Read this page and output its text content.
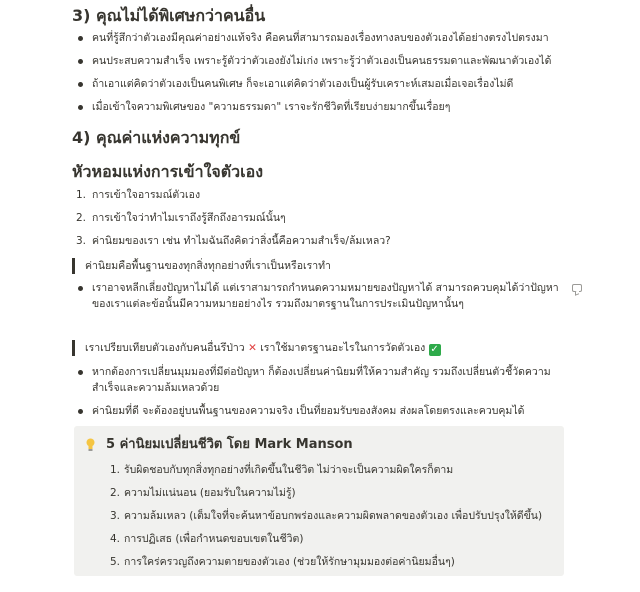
3) คุณไม่ได้พิเศษกว่าคนอื่น
คนที่รู้สึกว่าตัวเองมีคุณค่าอย่างแท้จริง คือคนที่สามารถมองเรื่องทางลบของตัวเองได้อย่างตรงไปตรงมา
คนประสบความสำเร็จ เพราะรู้ตัวว่าตัวเองยังไม่เก่ง เพราะรู้ว่าตัวเองเป็นคนธรรมดาและพัฒนาตัวเองได้
ถ้าเอาแต่คิดว่าตัวเองเป็นคนพิเศษ ก็จะเอาแต่คิดว่าตัวเองเป็นผู้รับเคราะห์เสมอเมื่อเจอเรื่องไม่ดี
เมื่อเข้าใจความพิเศษของ "ความธรรมดา" เราจะรักชีวิตที่เรียบง่ายมากขึ้นเรื่อยๆ
4) คุณค่าแห่งความทุกข์
หัวหอมแห่งการเข้าใจตัวเอง
1. การเข้าใจอารมณ์ตัวเอง
2. การเข้าใจว่าทำไมเราถึงรู้สึกถึงอารมณ์นั้นๆ
3. ค่านิยมของเรา เช่น ทำไมฉันถึงคิดว่าสิ่งนี้คือความสำเร็จ/ล้มเหลว?
ค่านิยมคือพื้นฐานของทุกสิ่งทุกอย่างที่เราเป็นหรือเราทำ
เราอาจหลีกเลี่ยงปัญหาไม่ได้ แต่เราสามารถกำหนดความหมายของปัญหาได้ สามารถควบคุมได้ว่าปัญหาของเราแต่ละข้อนั้นมีความหมายอย่างไร รวมถึงมาตรฐานในการประเมินปัญหานั้นๆ
เราเปรียบเทียบตัวเองกับคนอื่นรึป่าว ✕ เราใช้มาตรฐานอะไรในการวัดตัวเอง ✓
หากต้องการเปลี่ยนมุมมองที่มีต่อปัญหา ก็ต้องเปลี่ยนค่านิยมที่ให้ความสำคัญ รวมถึงเปลี่ยนตัวชี้วัดความสำเร็จและความล้มเหลวด้วย
ค่านิยมที่ดี จะต้องอยู่บนพื้นฐานของความจริง เป็นที่ยอมรับของสังคม ส่งผลโดยตรงและควบคุมได้
5 ค่านิยมเปลี่ยนชีวิต โดย Mark Manson
1. รับผิดชอบกับทุกสิ่งทุกอย่างที่เกิดขึ้นในชีวิต ไม่ว่าจะเป็นความผิดใครก็ตาม
2. ความไม่แน่นอน (ยอมรับในความไม่รู้)
3. ความล้มเหลว (เต็มใจที่จะค้นหาข้อบกพร่องและความผิดพลาดของตัวเอง เพื่อปรับปรุงให้ดีขึ้น)
4. การปฏิเสธ (เพื่อกำหนดขอบเขตในชีวิต)
5. การใคร่ครวญถึงความตายของตัวเอง (ช่วยให้รักษามุมมองต่อค่านิยมอื่นๆ)
